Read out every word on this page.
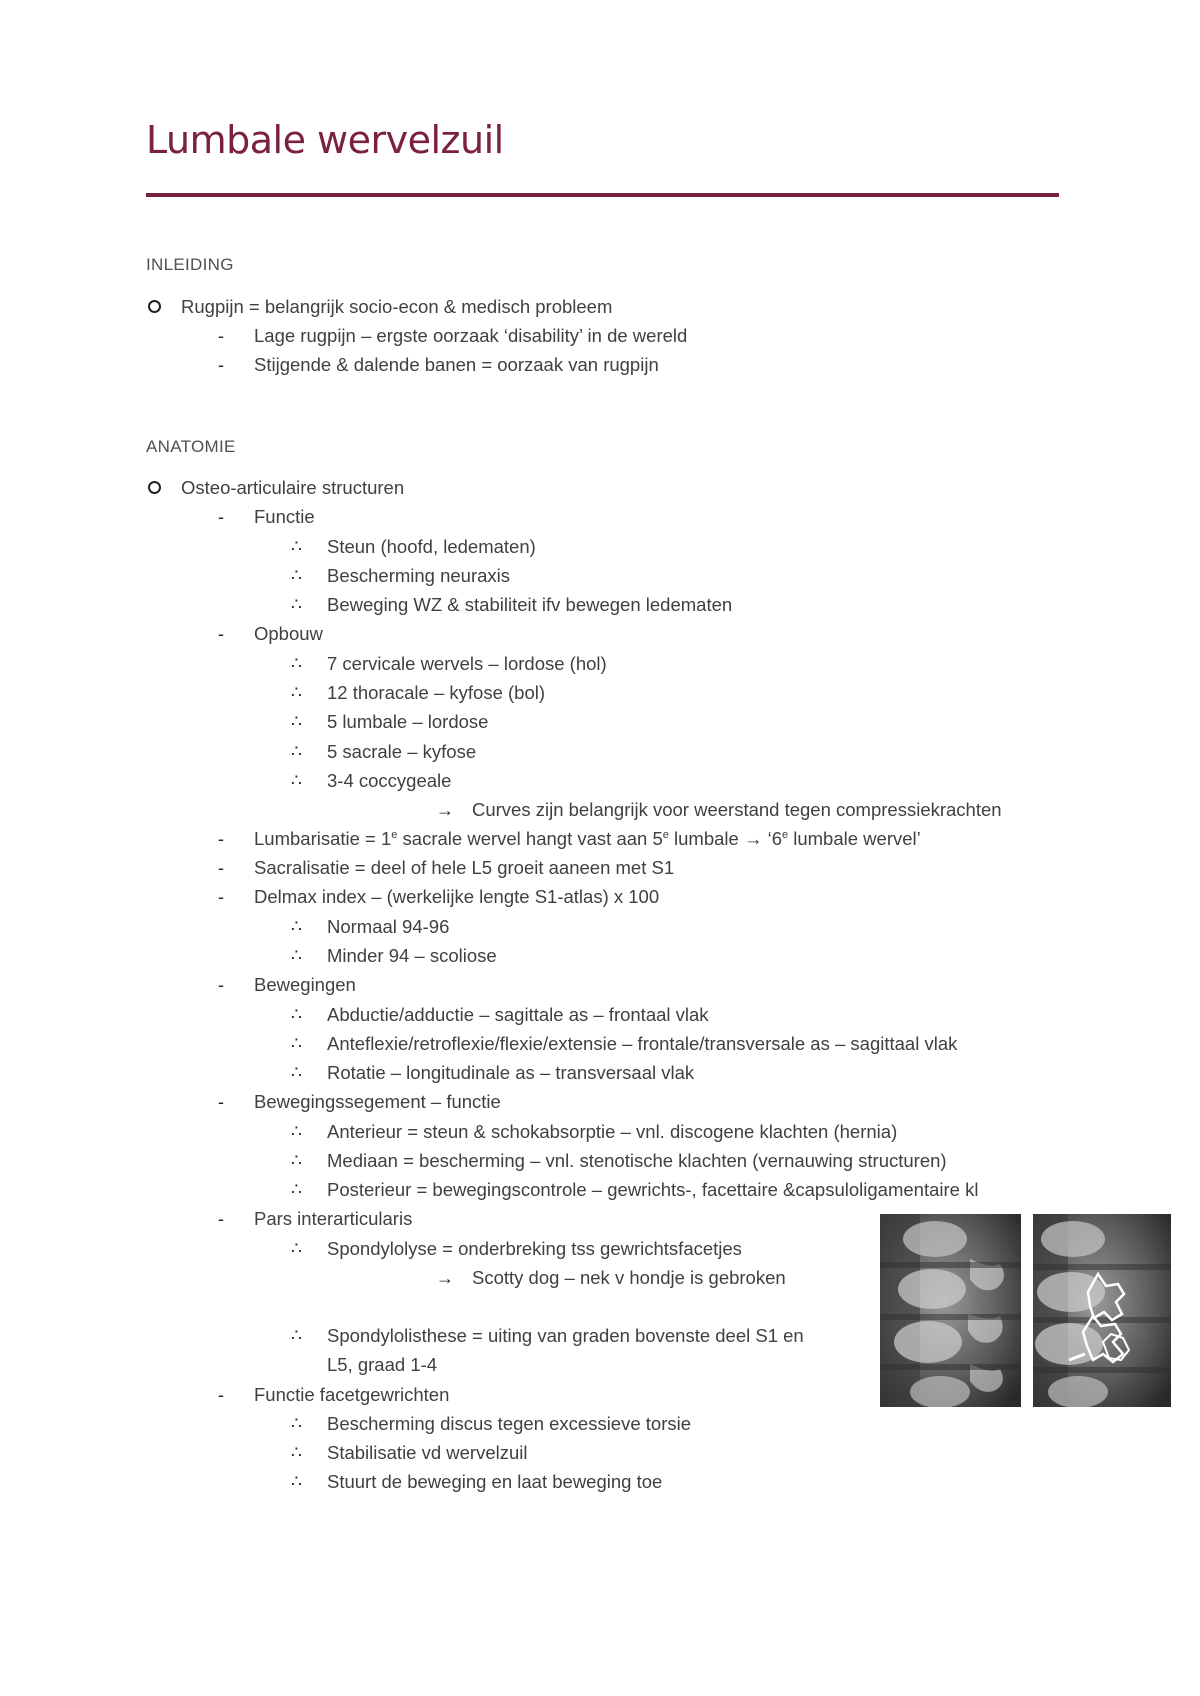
Lumbale wervelzuil
INLEIDING
Rugpijn = belangrijk socio-econ & medisch probleem
- Lage rugpijn – ergste oorzaak ‘disability’ in de wereld
- Stijgende & dalende banen = oorzaak van rugpijn
ANATOMIE
Osteo-articulaire structuren
- Functie
∴ Steun (hoofd, ledematen)
∴ Bescherming neuraxis
∴ Beweging WZ & stabiliteit ifv bewegen ledematen
- Opbouw
∴ 7 cervicale wervels – lordose (hol)
∴ 12 thoracale – kyfose (bol)
∴ 5 lumbale – lordose
∴ 5 sacrale – kyfose
∴ 3-4 coccygeale
→ Curves zijn belangrijk voor weerstand tegen compressiekrachten
- Lumbarisatie = $1^e$ sacrale wervel hangt vast aan 5e lumbale → ‘$6^e$ lumbale wervel’
- Sacralisatie = deel of hele L5 groeit aaneen met S1
- Delmax index – (werkelijke lengte S1-atlas) x 100
∴ Normaal 94-96
∴ Minder 94 – scoliose
- Bewegingen
∴ Abductie/adductie – sagittale as – frontaal vlak
∴ Anteflexie/retroflexie/flexie/extensie – frontale/transversale as – sagittaal vlak
∴ Rotatie – longitudinale as – transversaal vlak
- Bewegingssegement – functie
∴ Anterieur = steun & schokabsorptie – vnl. discogene klachten (hernia)
∴ Mediaan = bescherming – vnl. stenotische klachten (vernauwing structuren)
∴ Posterieur = bewegingscontrole – gewrichts-, facettaire &capsuloligamentaire kl
- Pars interarticularis
∴ Spondylolyse = onderbreking tss gewrichtsfacetjes
→ Scotty dog – nek v hondje is gebroken
∴ Spondylolisthese = uiting van graden bovenste deel S1 en
L5, graad 1-4
- Functie facetgewrichten
∴ Bescherming discus tegen excessieve torsie
∴ Stabilisatie vd wervelzuil
∴ Stuurt de beweging en laat beweging toe
